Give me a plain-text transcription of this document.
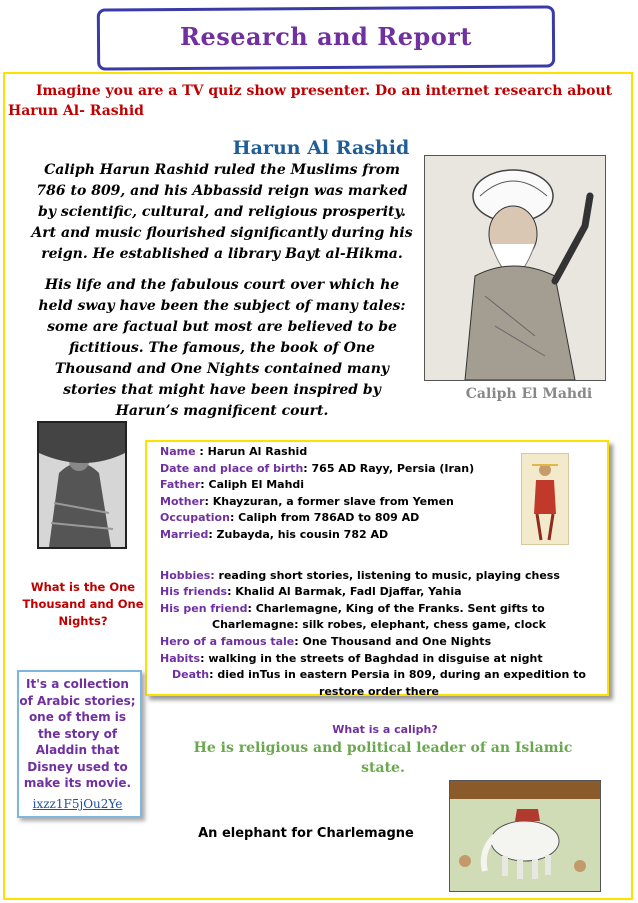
Research and Report
Imagine you are a TV quiz show presenter. Do an internet research about Harun Al- Rashid
Harun Al Rashid

Caliph Harun Rashid ruled the Muslims from 786 to 809, and his Abbassid reign was marked by scientific, cultural, and religious prosperity. Art and music flourished significantly during his reign. He established a library Bayt al-Hikma.

His life and the fabulous court over which he held sway have been the subject of many tales: some are factual but most are believed to be fictitious. The famous, the book of One Thousand and One Nights contained many stories that might have been inspired by Harun’s magnificent court.

Caliph El Mahdi
Name : Harun Al Rashid
Date and place of birth: 765 AD Rayy, Persia (Iran)
Father: Caliph El Mahdi
Mother: Khayzuran, a former slave from Yemen
Occupation: Caliph from 786AD to 809 AD
Married: Zubayda, his cousin 782 AD
Hobbies: reading short stories, listening to music, playing chess
His friends: Khalid Al Barmak, Fadl Djaffar, Yahia
His pen friend: Charlemagne, King of the Franks. Sent gifts to
Charlemagne: silk robes, elephant, chess game, clock
Hero of a famous tale: One Thousand and One Nights
Habits: walking in the streets of Baghdad in disguise at night
Death: died inTus in eastern Persia in 809, during an expedition to
restore order there
What is the One Thousand and One Nights?
It's a collection of Arabic stories; one of them is the story of Aladdin that Disney used to make its movie.
ixzz1F5jOu2Ye
What is a caliph?
He is religious and political leader of an Islamic state.
An elephant for Charlemagne
